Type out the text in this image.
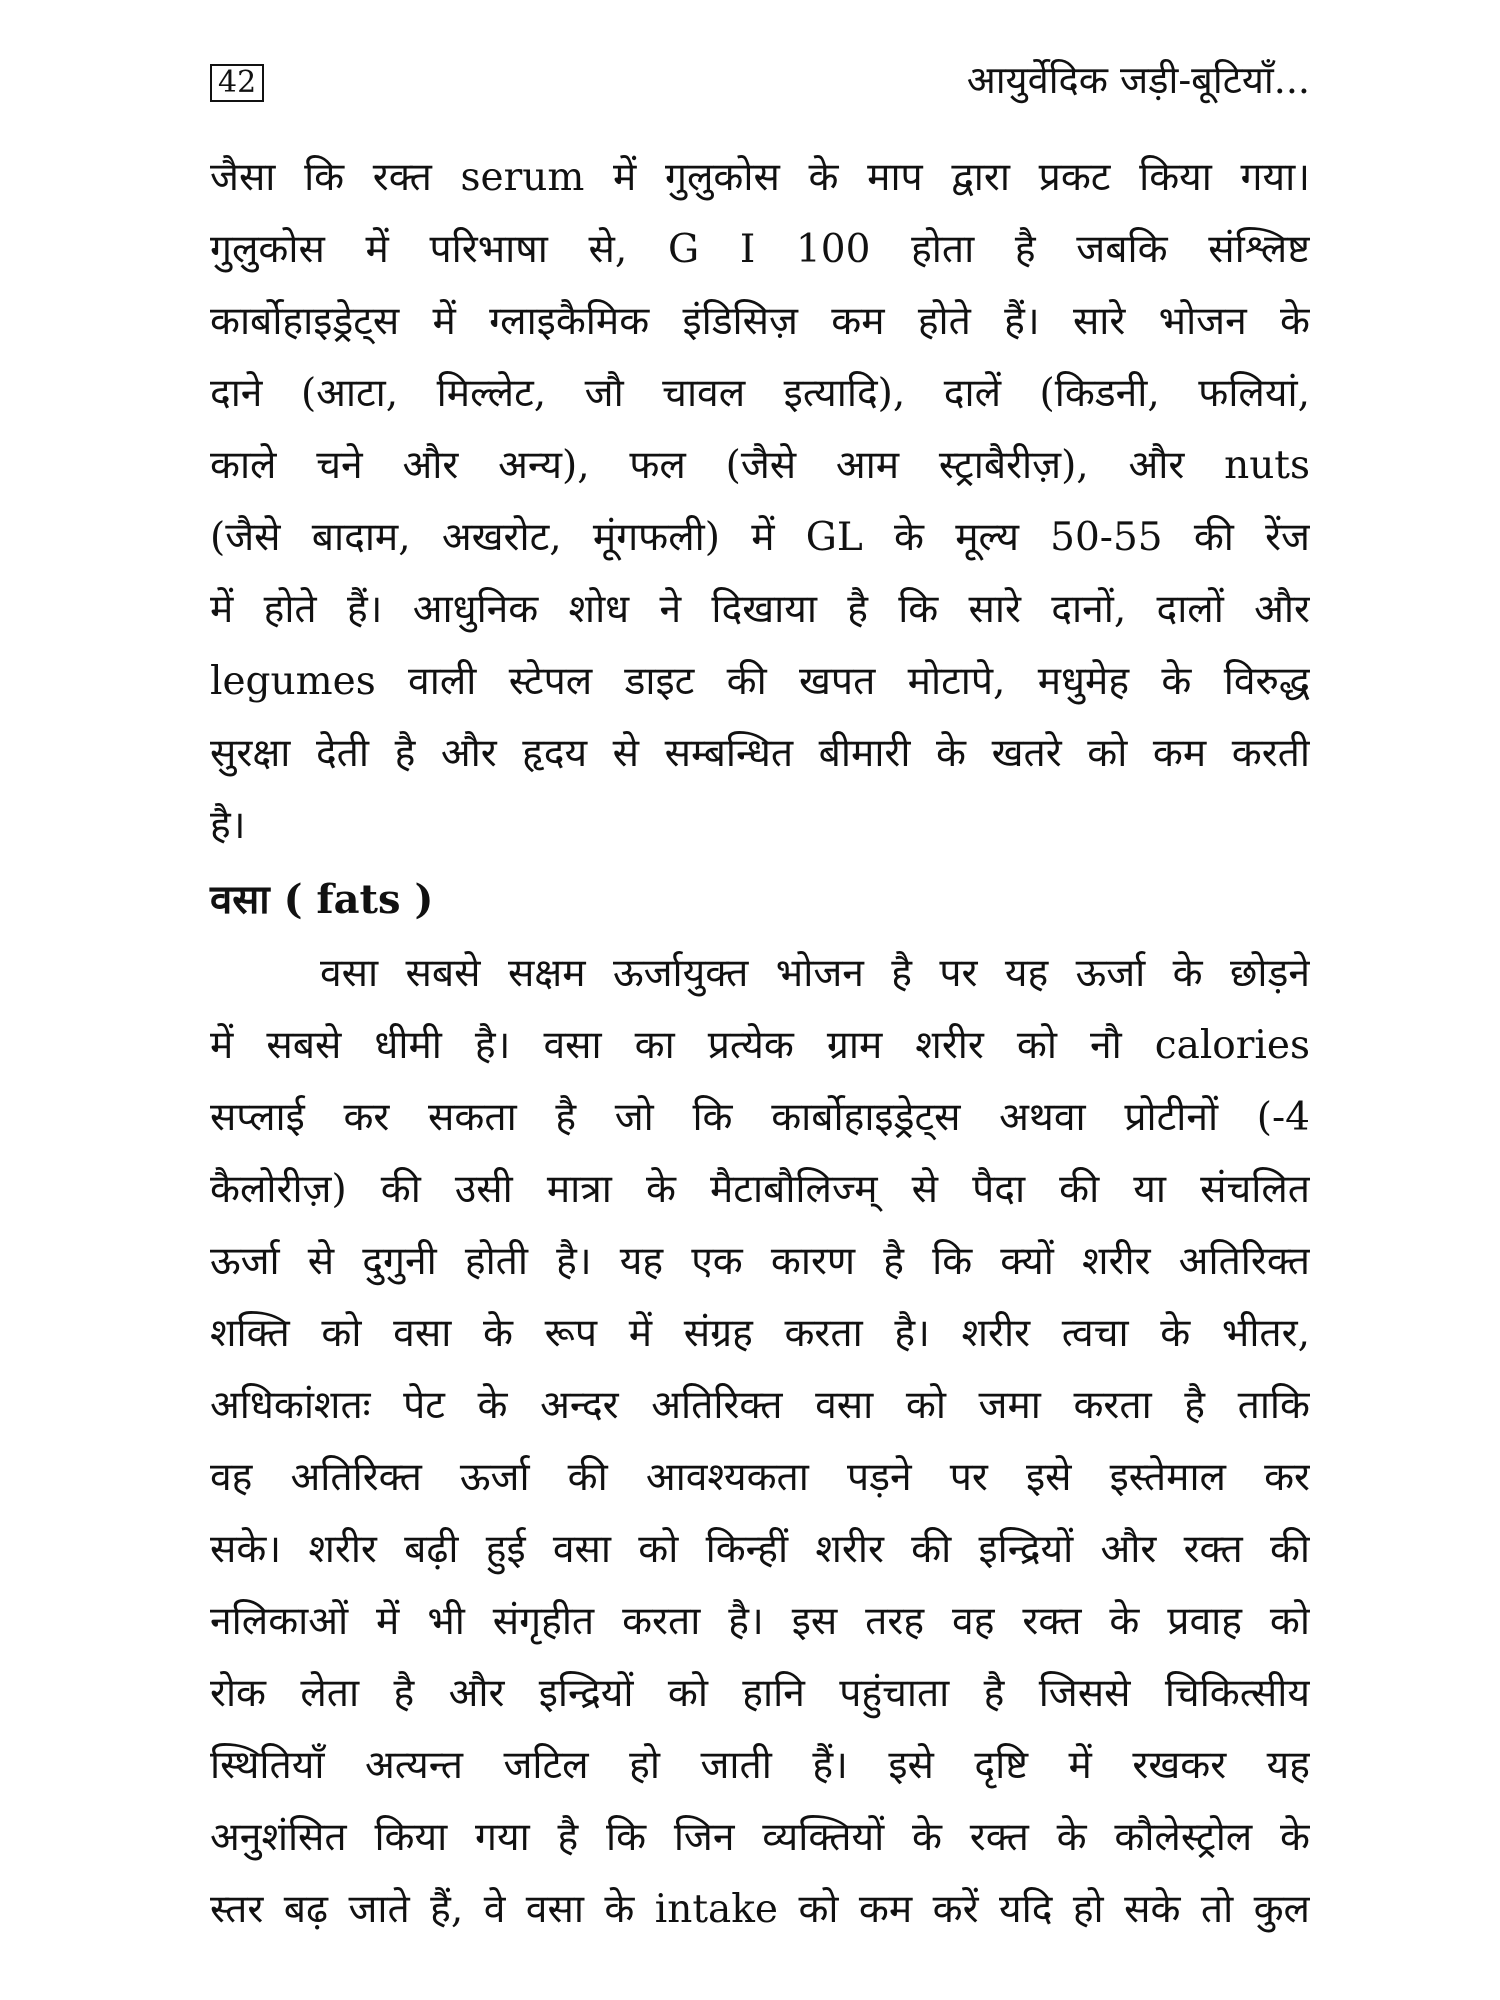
42	आयुर्वेदिक जड़ी-बूटियाँ...
जैसा कि रक्त serum में गुलुकोस के माप द्वारा प्रकट किया गया।
गुलुकोस में परिभाषा से, G I 100 होता है जबकि संश्लिष्ट
कार्बोहाइड्रेट्स में ग्लाइकैमिक इंडिसिज़ कम होते हैं। सारे भोजन के
दाने (आटा, मिल्लेट, जौ चावल इत्यादि), दालें (किडनी, फलियां,
काले चने और अन्य), फल (जैसे आम स्ट्राबैरीज़), और nuts
(जैसे बादाम, अखरोट, मूंगफली) में GL के मूल्य 50-55 की रेंज
में होते हैं। आधुनिक शोध ने दिखाया है कि सारे दानों, दालों और
legumes वाली स्टेपल डाइट की खपत मोटापे, मधुमेह के विरुद्ध
सुरक्षा देती है और हृदय से सम्बन्धित बीमारी के खतरे को कम करती
है।
वसा ( fats )
वसा सबसे सक्षम ऊर्जायुक्त भोजन है पर यह ऊर्जा के छोड़ने
में सबसे धीमी है। वसा का प्रत्येक ग्राम शरीर को नौ calories
सप्लाई कर सकता है जो कि कार्बोहाइड्रेट्स अथवा प्रोटीनों (-4
कैलोरीज़) की उसी मात्रा के मैटाबौलिज्म् से पैदा की या संचलित
ऊर्जा से दुगुनी होती है। यह एक कारण है कि क्यों शरीर अतिरिक्त
शक्ति को वसा के रूप में संग्रह करता है। शरीर त्वचा के भीतर,
अधिकांशतः पेट के अन्दर अतिरिक्त वसा को जमा करता है ताकि
वह अतिरिक्त ऊर्जा की आवश्यकता पड़ने पर इसे इस्तेमाल कर
सके। शरीर बढ़ी हुई वसा को किन्हीं शरीर की इन्द्रियों और रक्त की
नलिकाओं में भी संगृहीत करता है। इस तरह वह रक्त के प्रवाह को
रोक लेता है और इन्द्रियों को हानि पहुंचाता है जिससे चिकित्सीय
स्थितियाँ अत्यन्त जटिल हो जाती हैं। इसे दृष्टि में रखकर यह
अनुशंसित किया गया है कि जिन व्यक्तियों के रक्त के कौलेस्ट्रोल के
स्तर बढ़ जाते हैं, वे वसा के intake को कम करें यदि हो सके तो कुल
